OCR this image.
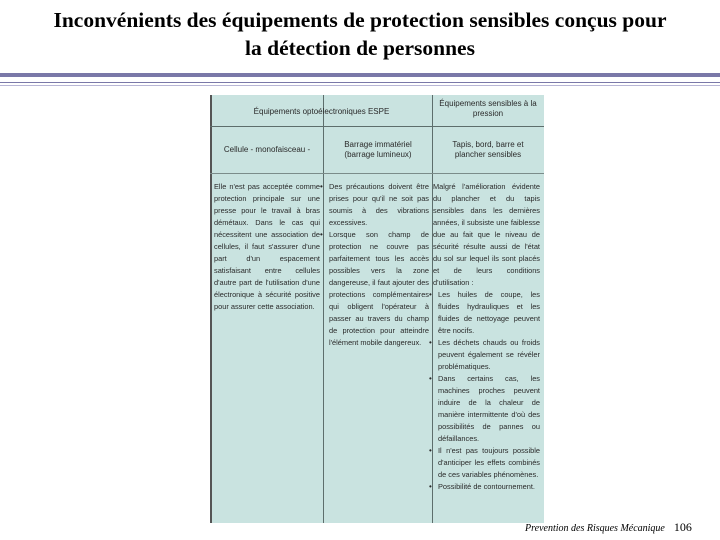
Inconvénients des équipements de protection sensibles conçus pour
la détection de personnes
Équipements optoélectroniques ESPE
Équipements sensibles à la pression
Cellule - monofaisceau -
Barrage immatériel (barrage lumineux)
Tapis, bord, barre et plancher sensibles
Elle n'est pas acceptée comme protection principale sur une presse pour le travail à bras démétaux. Dans le cas qui nécessitent une association de cellules, il faut s'assurer d'une part d'un espacement satisfaisant entre cellules d'autre part de l'utilisation d'une électronique à sécurité positive pour assurer cette association.
• Des précautions doivent être prises pour qu'il ne soit pas soumis à des vibrations excessives.
• Lorsque son champ de protection ne couvre pas parfaitement tous les accès possibles vers la zone dangereuse, il faut ajouter des protections complémentaires qui obligent l'opérateur à passer au travers du champ de protection pour atteindre l'élément mobile dangereux.
Malgré l'amélioration évidente du plancher et du tapis sensibles dans les dernières années, il subsiste une faiblesse due au fait que le niveau de sécurité résulte aussi de l'état du sol sur lequel ils sont placés et de leurs conditions d'utilisation :
• Les huiles de coupe, les fluides hydrauliques et les fluides de nettoyage peuvent être nocifs.
• Les déchets chauds ou froids peuvent également se révéler problématiques.
• Dans certains cas, les machines proches peuvent induire de la chaleur de manière intermittente d'où des possibilités de pannes ou défaillances.
• Il n'est pas toujours possible d'anticiper les effets combinés de ces variables phénomènes.
• Possibilité de contournement.
Prevention des Risques Mécanique 106
